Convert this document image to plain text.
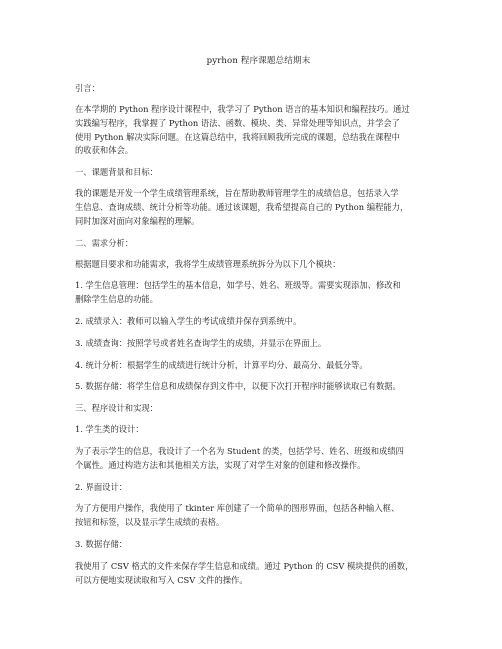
pyrhon 程序课题总结期末
引言：
在本学期的 Python 程序设计课程中，我学习了 Python 语言的基本知识和编程技巧。通过
实践编写程序，我掌握了 Python 语法、函数、模块、类、异常处理等知识点，并学会了
使用 Python 解决实际问题。在这篇总结中，我将回顾我所完成的课题，总结我在课程中
的收获和体会。
一、课题背景和目标：
我的课题是开发一个学生成绩管理系统，旨在帮助教师管理学生的成绩信息，包括录入学
生信息、查询成绩、统计分析等功能。通过该课题，我希望提高自己的 Python 编程能力，
同时加深对面向对象编程的理解。
二、需求分析：
根据题目要求和功能需求，我将学生成绩管理系统拆分为以下几个模块：
1. 学生信息管理：包括学生的基本信息，如学号、姓名、班级等。需要实现添加、修改和
删除学生信息的功能。
2. 成绩录入：教师可以输入学生的考试成绩并保存到系统中。
3. 成绩查询：按照学号或者姓名查询学生的成绩，并显示在界面上。
4. 统计分析：根据学生的成绩进行统计分析，计算平均分、最高分、最低分等。
5. 数据存储：将学生信息和成绩保存到文件中，以便下次打开程序时能够读取已有数据。
三、程序设计和实现：
1. 学生类的设计：
为了表示学生的信息，我设计了一个名为 Student 的类，包括学号、姓名、班级和成绩四
个属性。通过构造方法和其他相关方法，实现了对学生对象的创建和修改操作。
2. 界面设计：
为了方便用户操作，我使用了 tkinter 库创建了一个简单的图形界面，包括各种输入框、
按钮和标签，以及显示学生成绩的表格。
3. 数据存储：
我使用了 CSV 格式的文件来保存学生信息和成绩。通过 Python 的 CSV 模块提供的函数，
可以方便地实现读取和写入 CSV 文件的操作。
